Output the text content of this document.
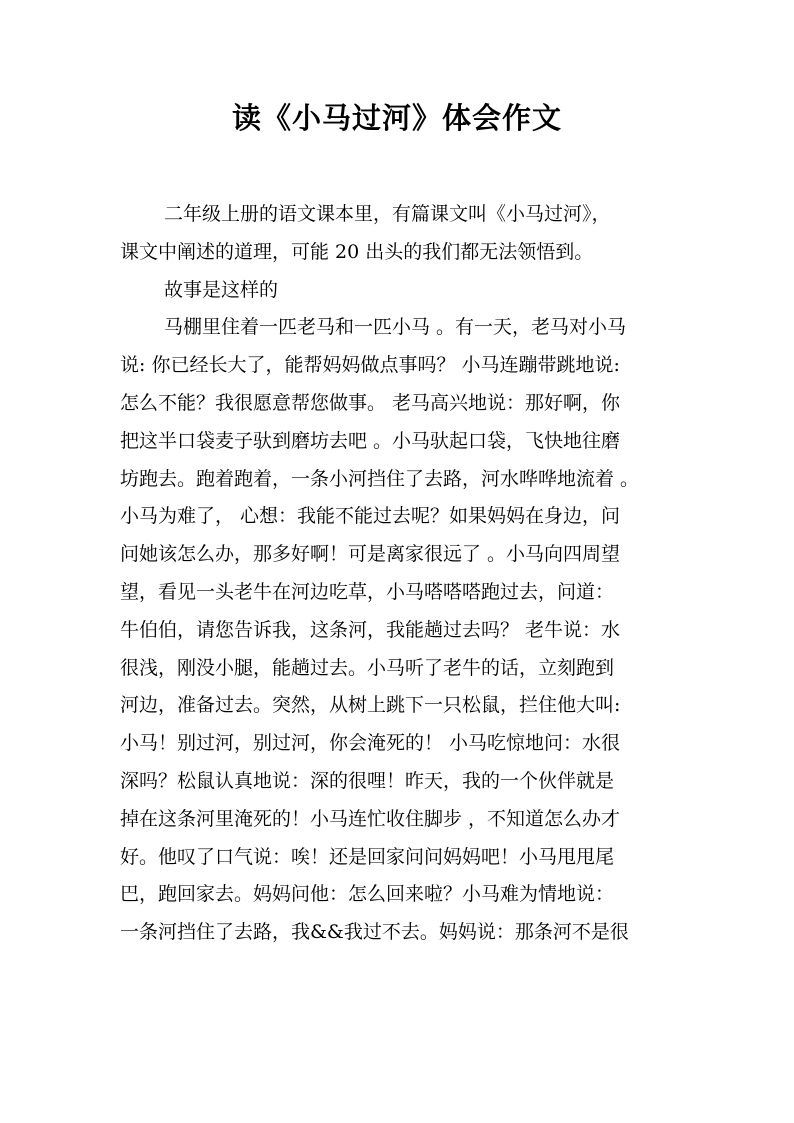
读《小马过河》体会作文
二年级上册的语文课本里，有篇课文叫《小马过河》，
课文中阐述的道理，可能 20 出头的我们都无法领悟到。
故事是这样的
马棚里住着一匹老马和一匹小马 。有一天，老马对小马
说: 你已经长大了，能帮妈妈做点事吗？ 小马连蹦带跳地说:
怎么不能？我很愿意帮您做事。 老马高兴地说：那好啊，你
把这半口袋麦子驮到磨坊去吧 。小马驮起口袋，飞快地往磨
坊跑去。跑着跑着，一条小河挡住了去路，河水哗哗地流着 。
小马为难了， 心想：我能不能过去呢？如果妈妈在身边，问
问她该怎么办，那多好啊！可是离家很远了 。小马向四周望
望，看见一头老牛在河边吃草，小马嗒嗒嗒跑过去，问道：
牛伯伯，请您告诉我，这条河，我能趟过去吗？ 老牛说：水
很浅，刚没小腿，能趟过去。小马听了老牛的话，立刻跑到
河边，准备过去。突然，从树上跳下一只松鼠，拦住他大叫:
小马！别过河，别过河，你会淹死的！ 小马吃惊地问：水很
深吗？松鼠认真地说：深的很哩！昨天，我的一个伙伴就是
掉在这条河里淹死的！小马连忙收住脚步 ，不知道怎么办才
好。他叹了口气说：唉！还是回家问问妈妈吧！小马甩甩尾
巴，跑回家去。妈妈问他：怎么回来啦？小马难为情地说：
一条河挡住了去路，我&&我过不去。妈妈说：那条河不是很
